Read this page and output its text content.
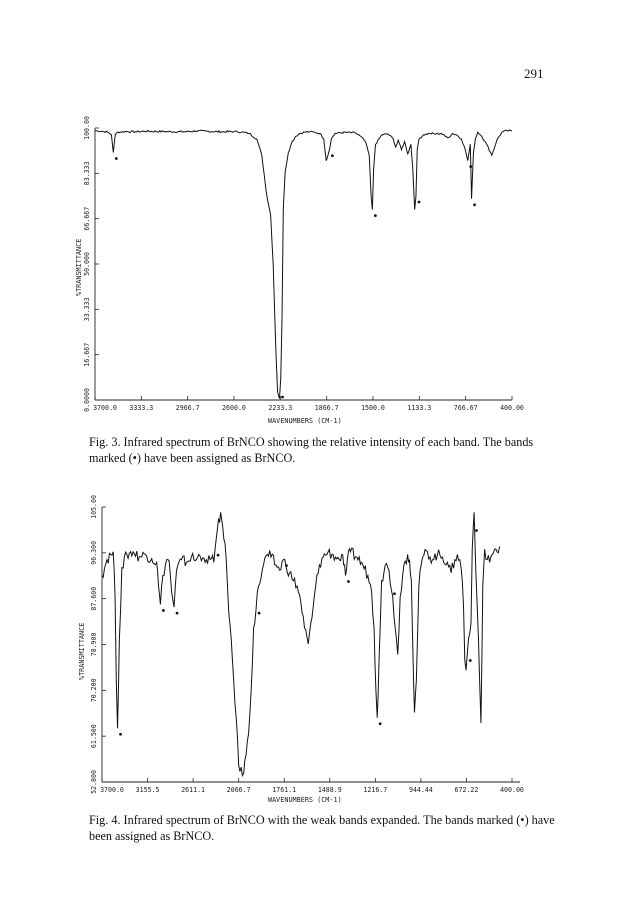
291
0.0000
16.667
33.333
50.000
66.667
83.333
100.00
3700.0 3333.3	2966.7	2600.0	2233.3	1866.7	1500.0	1133.3	766.67	400.00
%TRANSMITTANCE
WAVENUMBERS (CM-1)
52.800
61.500
70.200
78.900
87.600
96.300
105.00
3700.0 3155.5	2611.1	2066.7	1761.1	1488.9	1216.7	944.44	672.22	400.00
%TRANSMITTANCE
WAVENUMBERS (CM-1)
Fig. 3. Infrared spectrum of BrNCO showing the relative intensity of each band. The bands marked (•) have been assigned as BrNCO.
Fig. 4. Infrared spectrum of BrNCO with the weak bands expanded. The bands marked (•) have been assigned as BrNCO.
